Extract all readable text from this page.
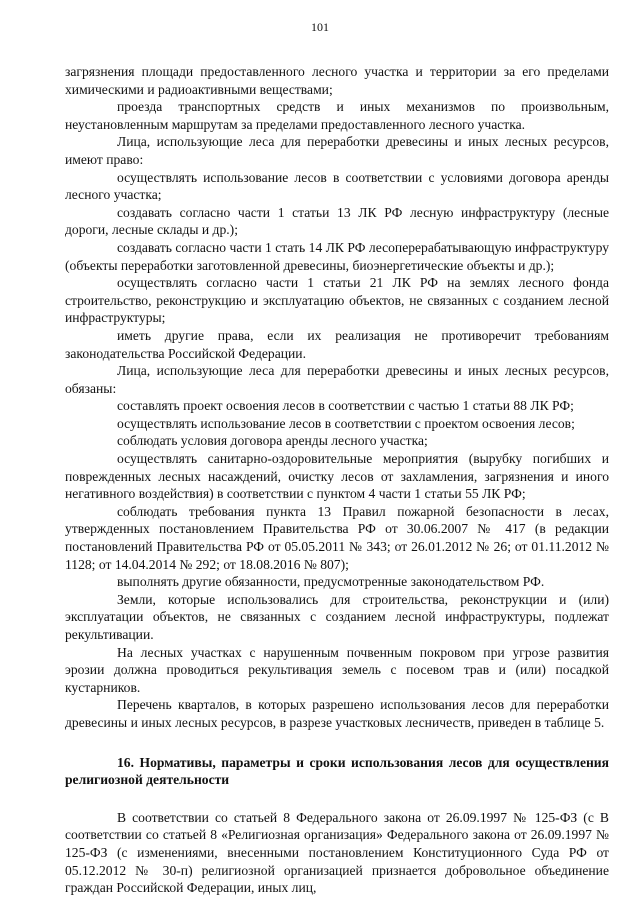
101

загрязнения площади предоставленного лесного участка и территории за его пределами химическими и радиоактивными веществами;

проезда транспортных средств и иных механизмов по произвольным, неустановленным маршрутам за пределами предоставленного лесного участка.

Лица, использующие леса для переработки древесины и иных лесных ресурсов, имеют право:

осуществлять использование лесов в соответствии с условиями договора аренды лесного участка;

создавать согласно части 1 статьи 13 ЛК РФ лесную инфраструктуру (лесные дороги, лесные склады и др.);

создавать согласно части 1 стать 14 ЛК РФ лесоперерабатывающую инфраструктуру (объекты переработки заготовленной древесины, биоэнергетические объекты и др.);

осуществлять согласно части 1 статьи 21 ЛК РФ на землях лесного фонда строительство, реконструкцию и эксплуатацию объектов, не связанных с созданием лесной инфраструктуры;

иметь другие права, если их реализация не противоречит требованиям законодательства Российской Федерации.

Лица, использующие леса для переработки древесины и иных лесных ресурсов, обязаны:

составлять проект освоения лесов в соответствии с частью 1 статьи 88 ЛК РФ;

осуществлять использование лесов в соответствии с проектом освоения лесов;

соблюдать условия договора аренды лесного участка;

осуществлять санитарно-оздоровительные мероприятия (вырубку погибших и поврежденных лесных насаждений, очистку лесов от захламления, загрязнения и иного негативного воздействия) в соответствии с пунктом 4 части 1 статьи 55 ЛК РФ;

соблюдать требования пункта 13 Правил пожарной безопасности в лесах, утвержденных постановлением Правительства РФ от 30.06.2007 № 417 (в редакции постановлений Правительства РФ от 05.05.2011 № 343; от 26.01.2012 № 26; от 01.11.2012 № 1128; от 14.04.2014 № 292; от 18.08.2016 № 807);

выполнять другие обязанности, предусмотренные законодательством РФ.

Земли, которые использовались для строительства, реконструкции и (или) эксплуатации объектов, не связанных с созданием лесной инфраструктуры, подлежат рекультивации.

На лесных участках с нарушенным почвенным покровом при угрозе развития эрозии должна проводиться рекультивация земель с посевом трав и (или) посадкой кустарников.

Перечень кварталов, в которых разрешено использования лесов для переработки древесины и иных лесных ресурсов, в разрезе участковых лесничеств, приведен в таблице 5.

16. Нормативы, параметры и сроки использования лесов для осуществления религиозной деятельности

В соответствии со статьей 8 Федерального закона от 26.09.1997 № 125-ФЗ (с В соответствии со статьей 8 «Религиозная организация» Федерального закона от 26.09.1997 № 125-ФЗ (с изменениями, внесенными постановлением Конституционного Суда РФ от 05.12.2012 № 30-п) религиозной организацией признается добровольное объединение граждан Российской Федерации, иных лиц,
